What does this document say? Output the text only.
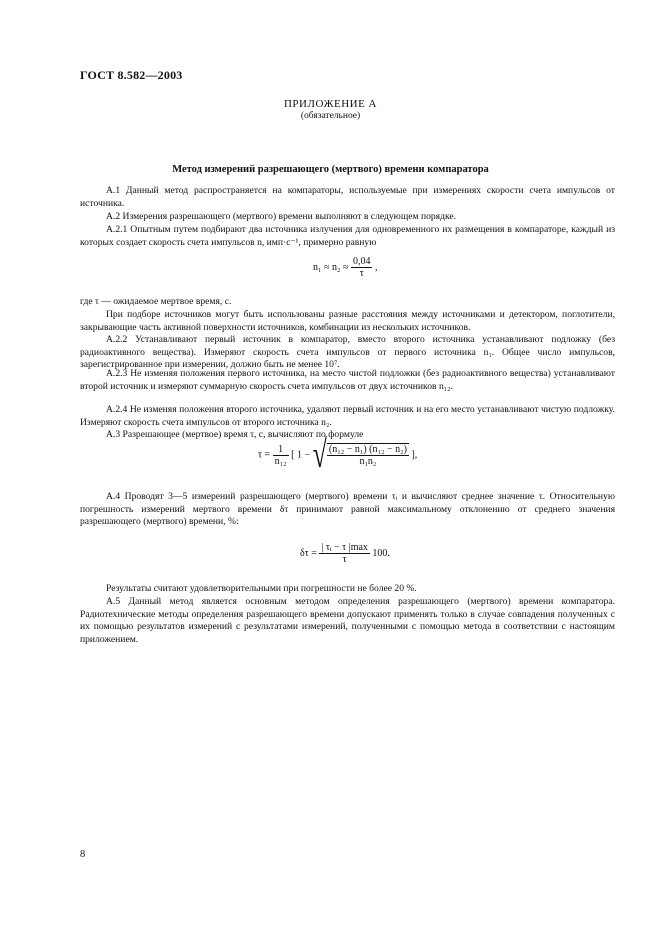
ГОСТ 8.582—2003
ПРИЛОЖЕНИЕ А
(обязательное)
Метод измерений разрешающего (мертвого) времени компаратора

А.1 Данный метод распространяется на компараторы, используемые при измерениях скорости счета импульсов от источника.

А.2 Измерения разрешающего (мертвого) времени выполняют в следующем порядке.

А.2.1 Опытным путем подбирают два источника излучения для одновременного их размещения в компараторе, каждый из которых создает скорость счета импульсов n, имп·с⁻¹, примерно равную

$n_1 \approx n_2 \approx \frac{0,04}{\tau}$ ,

где τ — ожидаемое мертвое время, с.

При подборе источников могут быть использованы разные расстояния между источниками и детектором, поглотители, закрывающие часть активной поверхности источников, комбинации из нескольких источников.

А.2.2 Устанавливают первый источник в компаратор, вместо второго источника устанавливают подложку (без радиоактивного вещества). Измеряют скорость счета импульсов от первого источника n₁. Общее число импульсов, зарегистрированное при измерении, должно быть не менее 10⁷.

А.2.3 Не изменяя положения первого источника, на место чистой подложки (без радиоактивного вещества) устанавливают второй источник и измеряют суммарную скорость счета импульсов от двух источников n₁₂.

А.2.4 Не изменяя положения второго источника, удаляют первый источник и на его место устанавливают чистую подложку. Измеряют скорость счета импульсов от второго источника n₂.

А.3 Разрешающее (мертвое) время τ, с, вычисляют по формуле

$\tau = \frac{1}{\text{n₁₂}}$ [ 1 − √ $\frac{\text{(n₁₂ − n₁) (n₁₂ − n₂)}}{\text{n₁n₂}}$ ],

А.4 Проводят 3—5 измерений разрешающего (мертвого) времени τᵢ и вычисляют среднее значение τ. Относительную погрешность измерений мертвого времени δτ принимают равной максимальному отклонению от среднего значения разрешающего (мертвого) времени, %:

$\delta\tau = \frac{\text{| τᵢ − τ |max}}{\tau} 100$.

Результаты считают удовлетворительными при погрешности не более 20 %.

А.5 Данный метод является основным методом определения разрешающего (мертвого) времени компаратора. Радиотехнические методы определения разрешающего времени допускают применять только в случае совпадения полученных с их помощью результатов измерений с результатами измерений, полученными с помощью метода в соответствии с настоящим приложением.

8
